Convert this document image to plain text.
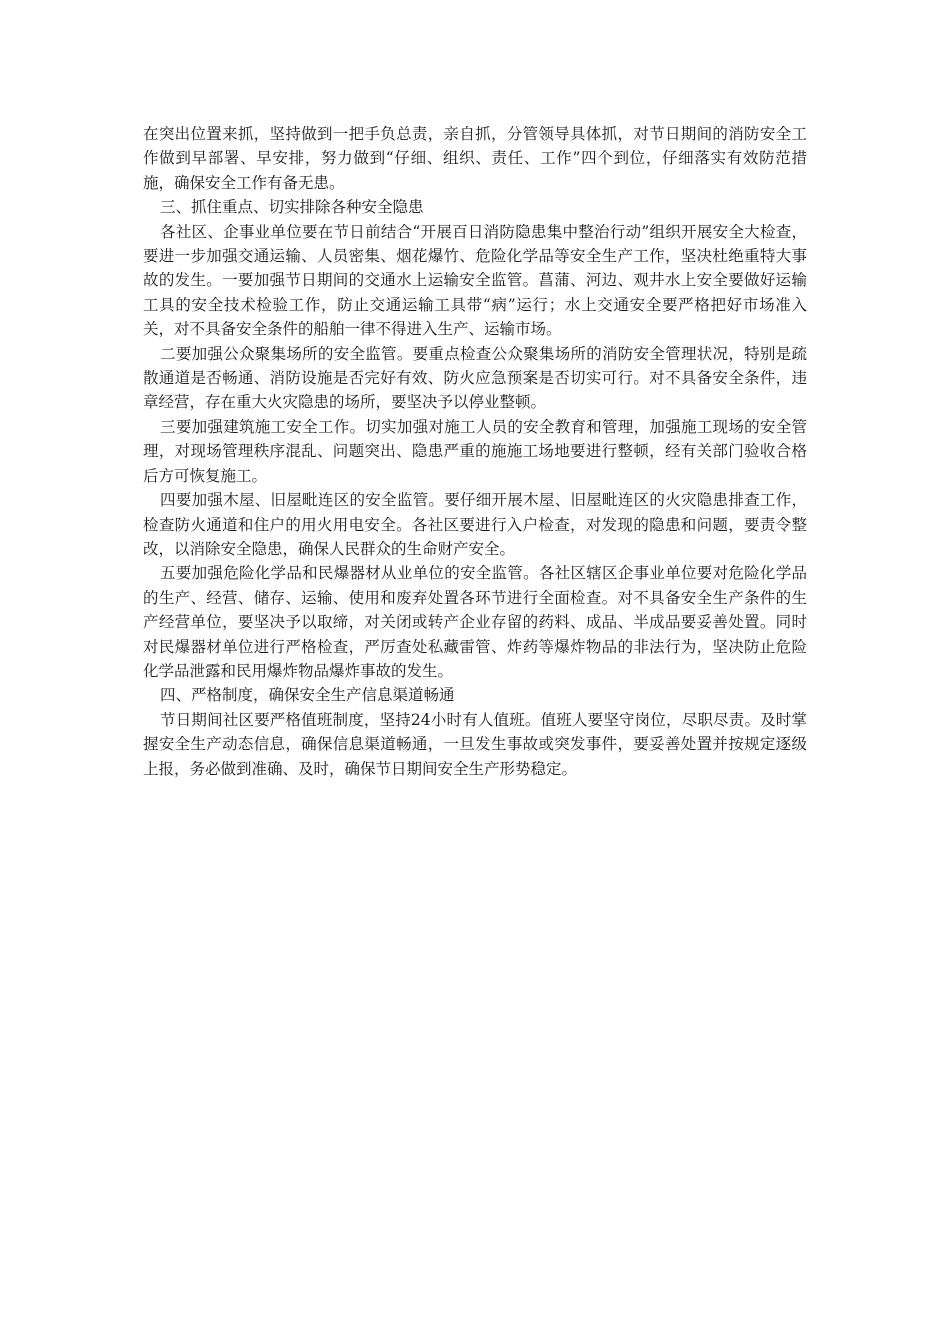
在突出位置来抓，坚持做到一把手负总责，亲自抓，分管领导具体抓，对节日期间的消防安全工作做到早部署、早安排，努力做到“仔细、组织、责任、工作”四个到位，仔细落实有效防范措施，确保安全工作有备无患。

三、抓住重点、切实排除各种安全隐患

各社区、企事业单位要在节日前结合“开展百日消防隐患集中整治行动”组织开展安全大检查，要进一步加强交通运输、人员密集、烟花爆竹、危险化学品等安全生产工作，坚决杜绝重特大事故的发生。一要加强节日期间的交通水上运输安全监管。菖蒲、河边、观井水上安全要做好运输工具的安全技术检验工作，防止交通运输工具带“病”运行；水上交通安全要严格把好市场准入关，对不具备安全条件的船舶一律不得进入生产、运输市场。

二要加强公众聚集场所的安全监管。要重点检查公众聚集场所的消防安全管理状况，特别是疏散通道是否畅通、消防设施是否完好有效、防火应急预案是否切实可行。对不具备安全条件，违章经营，存在重大火灾隐患的场所，要坚决予以停业整顿。

三要加强建筑施工安全工作。切实加强对施工人员的安全教育和管理，加强施工现场的安全管理，对现场管理秩序混乱、问题突出、隐患严重的施施工场地要进行整顿，经有关部门验收合格后方可恢复施工。

四要加强木屋、旧屋毗连区的安全监管。要仔细开展木屋、旧屋毗连区的火灾隐患排查工作，检查防火通道和住户的用火用电安全。各社区要进行入户检查，对发现的隐患和问题，要责令整改，以消除安全隐患，确保人民群众的生命财产安全。

五要加强危险化学品和民爆器材从业单位的安全监管。各社区辖区企事业单位要对危险化学品的生产、经营、储存、运输、使用和废弃处置各环节进行全面检查。对不具备安全生产条件的生产经营单位，要坚决予以取缔，对关闭或转产企业存留的药料、成品、半成品要妥善处置。同时对民爆器材单位进行严格检查，严厉查处私藏雷管、炸药等爆炸物品的非法行为，坚决防止危险化学品泄露和民用爆炸物品爆炸事故的发生。

四、严格制度，确保安全生产信息渠道畅通

节日期间社区要严格值班制度，坚持24小时有人值班。值班人要坚守岗位，尽职尽责。及时掌握安全生产动态信息，确保信息渠道畅通，一旦发生事故或突发事件，要妥善处置并按规定逐级上报，务必做到准确、及时，确保节日期间安全生产形势稳定。
